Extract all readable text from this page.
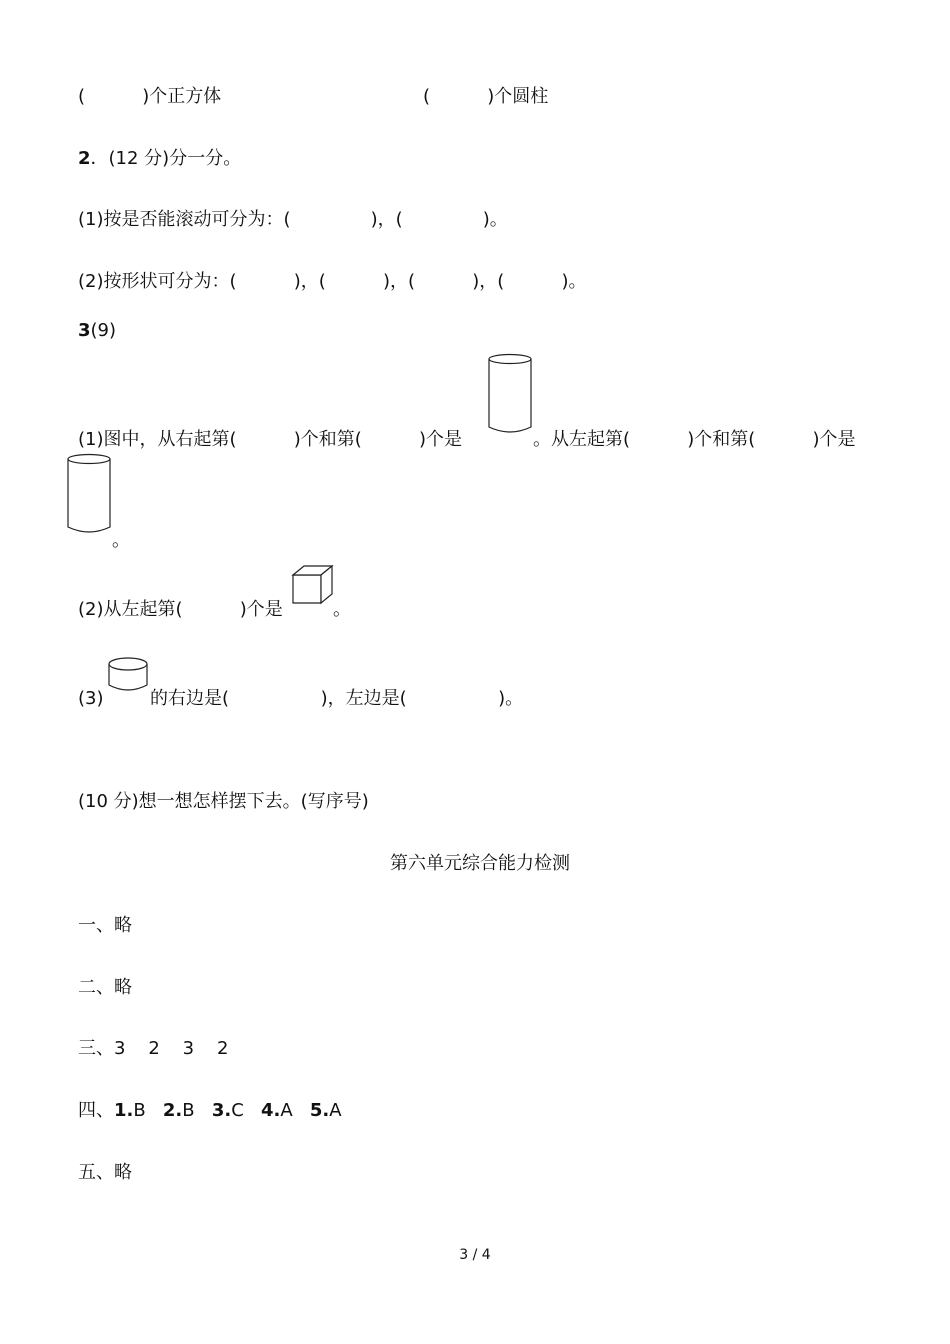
(          )个正方体	(          )个圆柱
2．(12 分)分一分。
(1)按是否能滚动可分为：(              )，(              )。
(2)按形状可分为：(          )，(          )，(          )，(          )。
3(9)
(1)图中，从右起第(          )个和第(          )个是	。从左起第(          )个和第(          )个是
。
(2)从左起第(          )个是	。
(3)	的右边是(                )，左边是(                )。
(10 分)想一想怎样摆下去。(写序号)
第六单元综合能力检测
一、略
二、略
三、3    2    3    2
四、1.B 2.B 3.C 4.A 5.A
五、略
3 / 4
